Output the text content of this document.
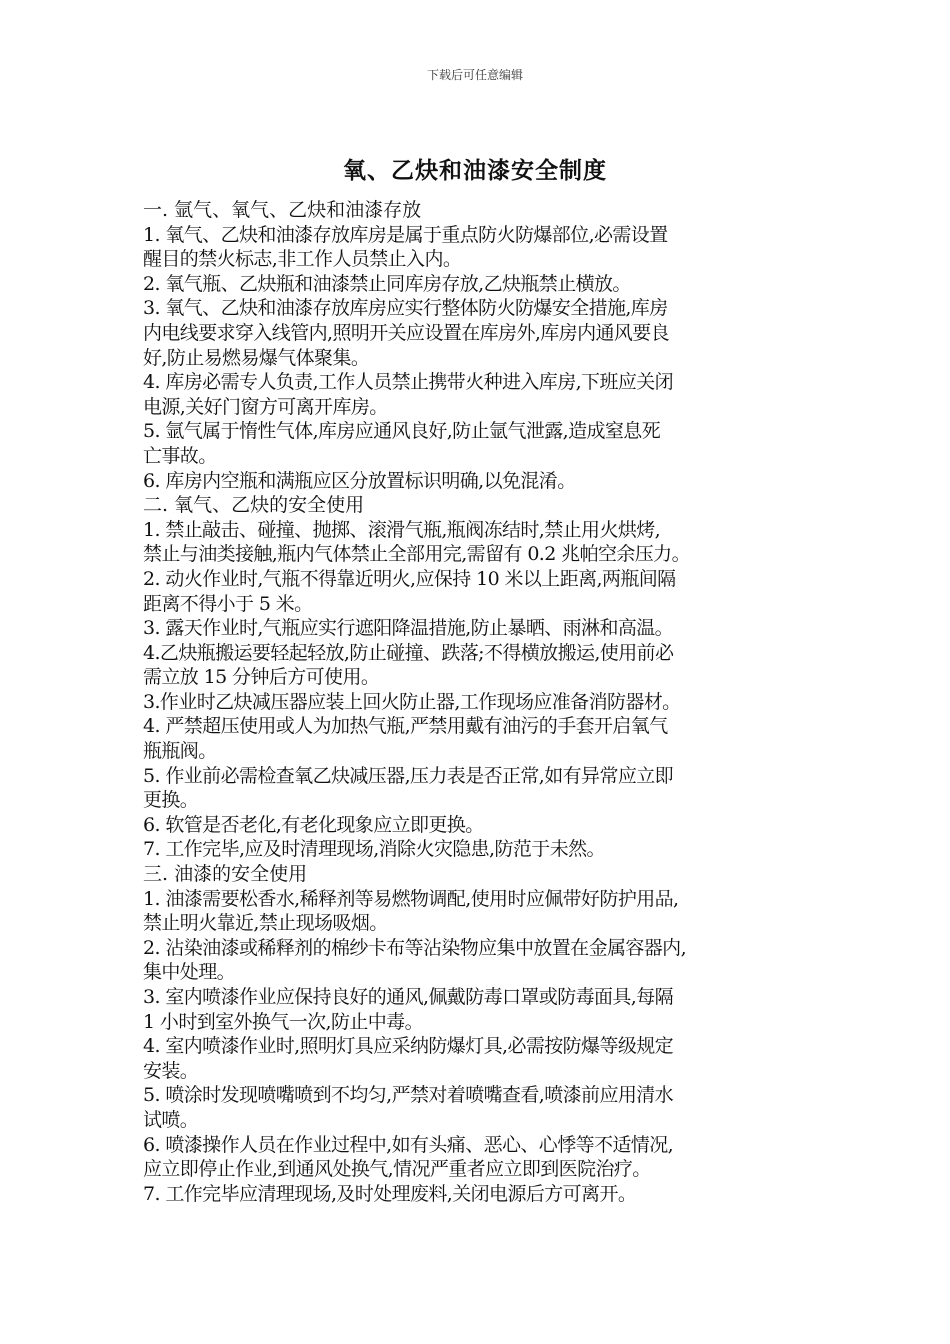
下载后可任意编辑
氧、乙炔和油漆安全制度
一. 氩气、氧气、乙炔和油漆存放
1. 氧气、乙炔和油漆存放库房是属于重点防火防爆部位,必需设置
醒目的禁火标志,非工作人员禁止入内。
2. 氧气瓶、乙炔瓶和油漆禁止同库房存放,乙炔瓶禁止横放。
3. 氧气、乙炔和油漆存放库房应实行整体防火防爆安全措施,库房
内电线要求穿入线管内,照明开关应设置在库房外,库房内通风要良
好,防止易燃易爆气体聚集。
4. 库房必需专人负责,工作人员禁止携带火种进入库房,下班应关闭
电源,关好门窗方可离开库房。
5. 氩气属于惰性气体,库房应通风良好,防止氩气泄露,造成窒息死
亡事故。
6. 库房内空瓶和满瓶应区分放置标识明确,以免混淆。
二. 氧气、乙炔的安全使用
1. 禁止敲击、碰撞、抛掷、滚滑气瓶,瓶阀冻结时,禁止用火烘烤,
禁止与油类接触,瓶内气体禁止全部用完,需留有 0.2 兆帕空余压力。
2. 动火作业时,气瓶不得靠近明火,应保持 10 米以上距离,两瓶间隔
距离不得小于 5 米。
3. 露天作业时,气瓶应实行遮阳降温措施,防止暴晒、雨淋和高温。
4.乙炔瓶搬运要轻起轻放,防止碰撞、跌落;不得横放搬运,使用前必
需立放 15 分钟后方可使用。
3.作业时乙炔减压器应装上回火防止器,工作现场应准备消防器材。
4. 严禁超压使用或人为加热气瓶,严禁用戴有油污的手套开启氧气
瓶瓶阀。
5. 作业前必需检查氧乙炔减压器,压力表是否正常,如有异常应立即
更换。
6. 软管是否老化,有老化现象应立即更换。
7. 工作完毕,应及时清理现场,消除火灾隐患,防范于未然。
三. 油漆的安全使用
1. 油漆需要松香水,稀释剂等易燃物调配,使用时应佩带好防护用品,
禁止明火靠近,禁止现场吸烟。
2. 沾染油漆或稀释剂的棉纱卡布等沾染物应集中放置在金属容器内,
集中处理。
3. 室内喷漆作业应保持良好的通风,佩戴防毒口罩或防毒面具,每隔
1 小时到室外换气一次,防止中毒。
4. 室内喷漆作业时,照明灯具应采纳防爆灯具,必需按防爆等级规定
安装。
5. 喷涂时发现喷嘴喷到不均匀,严禁对着喷嘴查看,喷漆前应用清水
试喷。
6. 喷漆操作人员在作业过程中,如有头痛、恶心、心悸等不适情况,
应立即停止作业,到通风处换气,情况严重者应立即到医院治疗。
7. 工作完毕应清理现场,及时处理废料,关闭电源后方可离开。
